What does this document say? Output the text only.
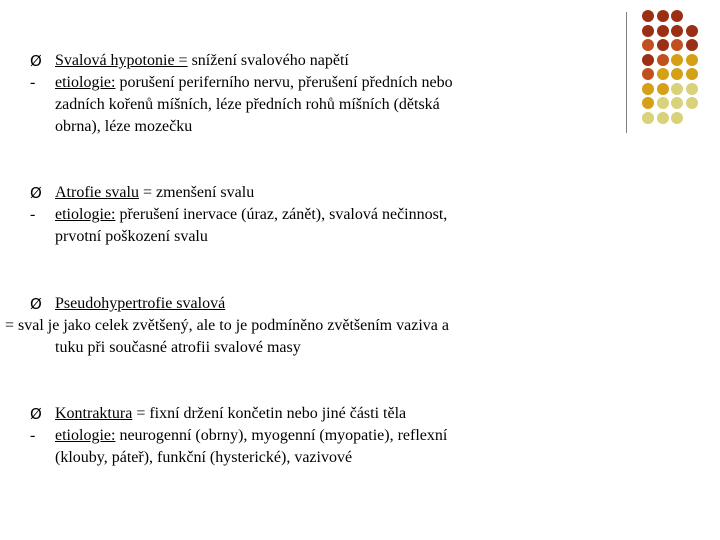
Ø Svalová hypotonie = snížení svalového napětí
- etiologie: porušení periferního nervu, přerušení předních nebo
zadních kořenů míšních, léze předních rohů míšních (dětská
obrna), léze mozečku
Ø Atrofie svalu = zmenšení svalu
- etiologie: přerušení inervace (úraz, zánět), svalová nečinnost,
prvotní poškození svalu
Ø Pseudohypertrofie svalová
= sval je jako celek zvětšený, ale to je podmíněno zvětšením vaziva a
tuku při současné atrofii svalové masy
Ø Kontraktura = fixní držení končetin nebo jiné části těla
- etiologie: neurogenní (obrny), myogenní (myopatie), reflexní
(klouby, páteř), funkční (hysterické), vazivové
